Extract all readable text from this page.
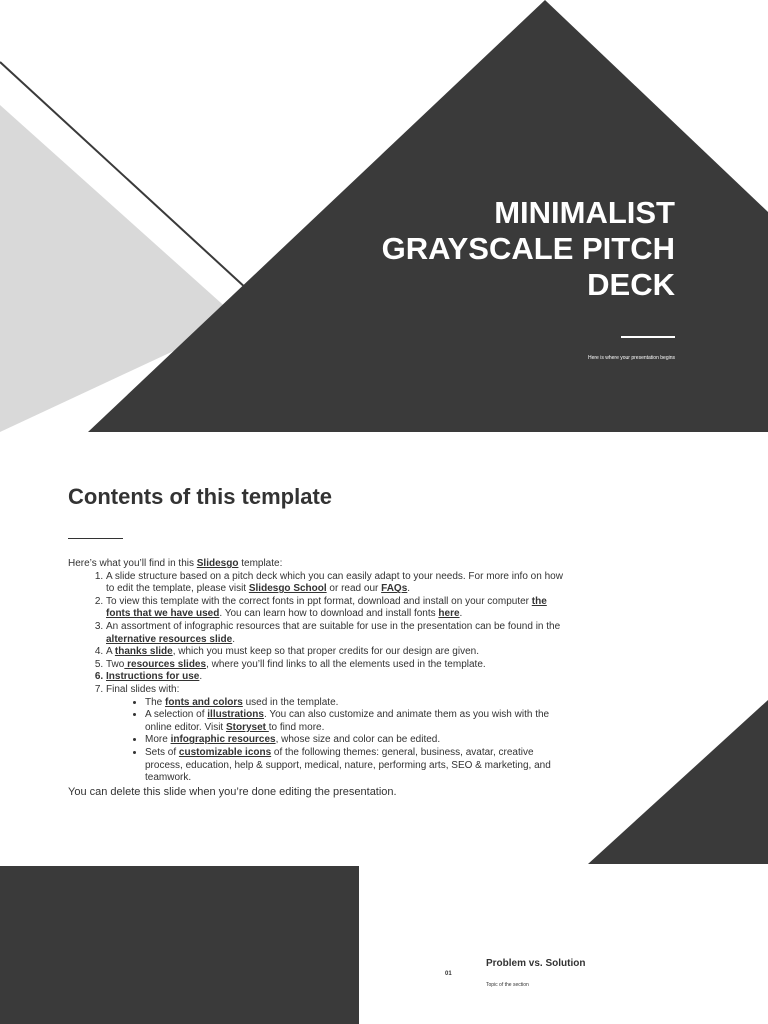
MINIMALIST GRAYSCALE PITCH DECK
Here is where your presentation begins
Contents of this template

Here’s what you’ll find in this Slidesgo template:

1. A slide structure based on a pitch deck which you can easily adapt to your needs. For more info on how to edit the template, please visit Slidesgo School or read our FAQs.
2. To view this template with the correct fonts in ppt format, download and install on your computer the fonts that we have used. You can learn how to download and install fonts here.
3. An assortment of infographic resources that are suitable for use in the presentation can be found in the alternative resources slide.
4. A thanks slide, which you must keep so that proper credits for our design are given.
5. Two resources slides, where you’ll find links to all the elements used in the template.
6. Instructions for use.
7. Final slides with:
• The fonts and colors used in the template.
• A selection of illustrations. You can also customize and animate them as you wish with the online editor. Visit Storyset to find more.
• More infographic resources, whose size and color can be edited.
• Sets of customizable icons of the following themes: general, business, avatar, creative process, education, help & support, medical, nature, performing arts, SEO & marketing, and teamwork.

You can delete this slide when you’re done editing the presentation.

Problem vs. Solution
01
Topic of the section
